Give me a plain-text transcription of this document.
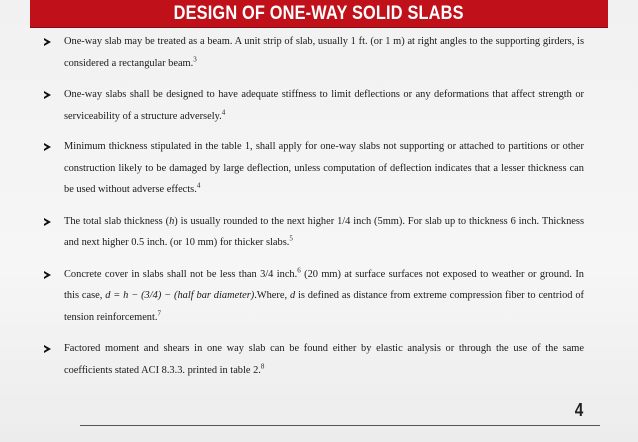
DESIGN OF ONE-WAY SOLID SLABS
One-way slab may be treated as a beam. A unit strip of slab, usually 1 ft. (or 1 m) at right angles to the supporting girders, is considered a rectangular beam.$^3$
One-way slabs shall be designed to have adequate stiffness to limit deflections or any deformations that affect strength or serviceability of a structure adversely.$^4$
Minimum thickness stipulated in the table 1, shall apply for one-way slabs not supporting or attached to partitions or other construction likely to be damaged by large deflection, unless computation of deflection indicates that a lesser thickness can be used without adverse effects.$^4$
The total slab thickness (h) is usually rounded to the next higher 1/4 inch (5mm). For slab up to thickness 6 inch. Thickness and next higher 0.5 inch. (or 10 mm) for thicker slabs.$^5$
Concrete cover in slabs shall not be less than 3/4 inch.$^6$ (20 mm) at surface surfaces not exposed to weather or ground. In this case, d = h − (3/4) − (half bar diameter).Where, d is defined as distance from extreme compression fiber to centriod of tension reinforcement.$^7$
Factored moment and shears in one way slab can be found either by elastic analysis or through the use of the same coefficients stated ACI 8.3.3. printed in table 2.$^8$
4
